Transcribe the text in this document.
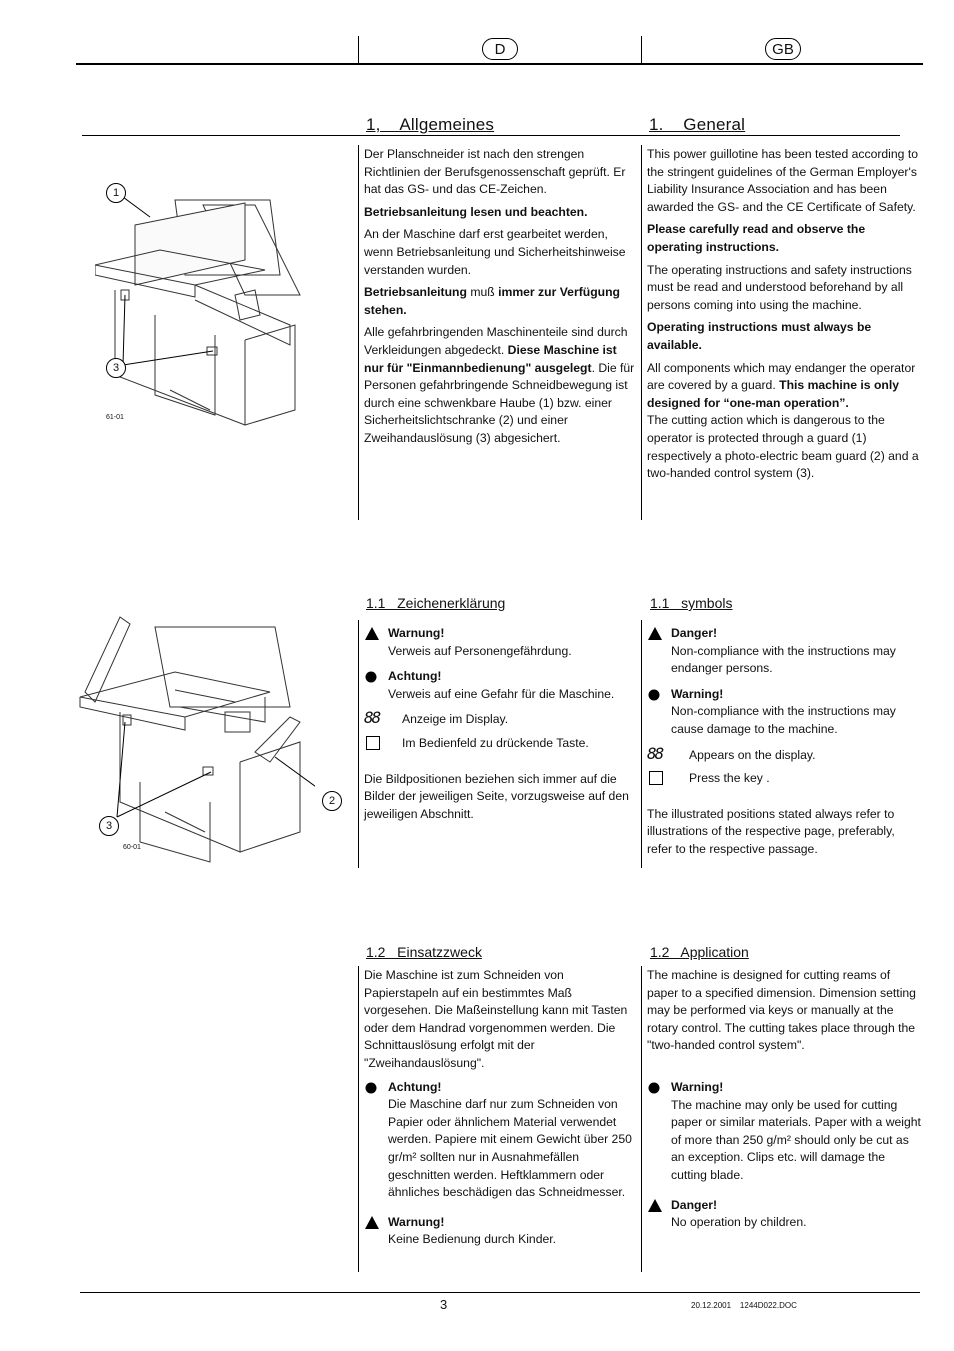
D	GB
1,    Allgemeines	1.    General

Der Planschneider ist nach den strengen Richtlinien der Berufsgenossenschaft geprüft. Er hat das GS- und das CE-Zeichen.

Betriebsanleitung lesen und beachten.

An der Maschine darf erst gearbeitet werden, wenn Betriebsanleitung und Sicherheitshinweise verstanden wurden.

Betriebsanleitung muß immer zur Verfügung stehen.

Alle gefahrbringenden Maschinenteile sind durch Verkleidungen abgedeckt. Diese Maschine ist nur für "Einmannbedienung" ausgelegt. Die für Personen gefahrbringende Schneidbewegung ist durch eine schwenkbare Haube (1) bzw. einer Sicherheitslichtschranke (2) und einer Zweihandauslösung (3) abgesichert.

This power guillotine has been tested according to the stringent guidelines of the German Employer's Liability Insurance Association and has been awarded the GS- and the CE Certificate of Safety.

Please carefully read and observe the operating instructions.

The operating instructions and safety instructions must be read and understood beforehand by all persons coming into using the machine.

Operating instructions must always be available.

All components which may endanger the operator are covered by a guard. This machine is only designed for “one-man operation”.

The cutting action which is dangerous to the operator is protected through a guard (1) respectively a photo-electric beam guard (2) and a two-handed control system (3).

1
3
61-01
1.1   Zeichenerklärung	1.1   symbols
Warnung!
Verweis auf Personengefährdung.
Achtung!
Verweis auf eine Gefahr für die Maschine.
88 Anzeige im Display.
Im Bedienfeld zu drückende Taste.

Die Bildpositionen beziehen sich immer auf die Bilder der jeweiligen Seite, vorzugsweise auf den jeweiligen Abschnitt.

Danger!
Non-compliance with the instructions may endanger persons.
Warning!
Non-compliance with the instructions may cause damage to the machine.
88 Appears on the display.
Press the key .

The illustrated positions stated always refer to illustrations of the respective page, preferably, refer to the respective passage.

2
3
60-01
1.2   Einsatzzweck	1.2   Application

Die Maschine ist zum Schneiden von Papierstapeln auf ein bestimmtes Maß vorgesehen. Die Maßeinstellung kann mit Tasten oder dem Handrad vorgenommen werden. Die Schnittauslösung erfolgt mit der "Zweihandauslösung".

Achtung!
Die Maschine darf nur zum Schneiden von Papier oder ähnlichem Material verwendet werden. Papiere mit einem Gewicht über 250 gr/m² sollten nur in Ausnahmefällen geschnitten werden. Heftklammern oder ähnliches beschädigen das Schneidmesser.
Warnung!
Keine Bedienung durch Kinder.

The machine is designed for cutting reams of paper to a specified dimension. Dimension setting may be performed via keys or manually at the rotary control. The cutting takes place through the "two-handed control system".

Warning!
The machine may only be used for cutting paper or similar materials. Paper with a weight of more than 250 g/m² should only be cut as an exception. Clips etc. will damage the cutting blade.
Danger!
No operation by children.
3	20.12.2001    1244D022.DOC
